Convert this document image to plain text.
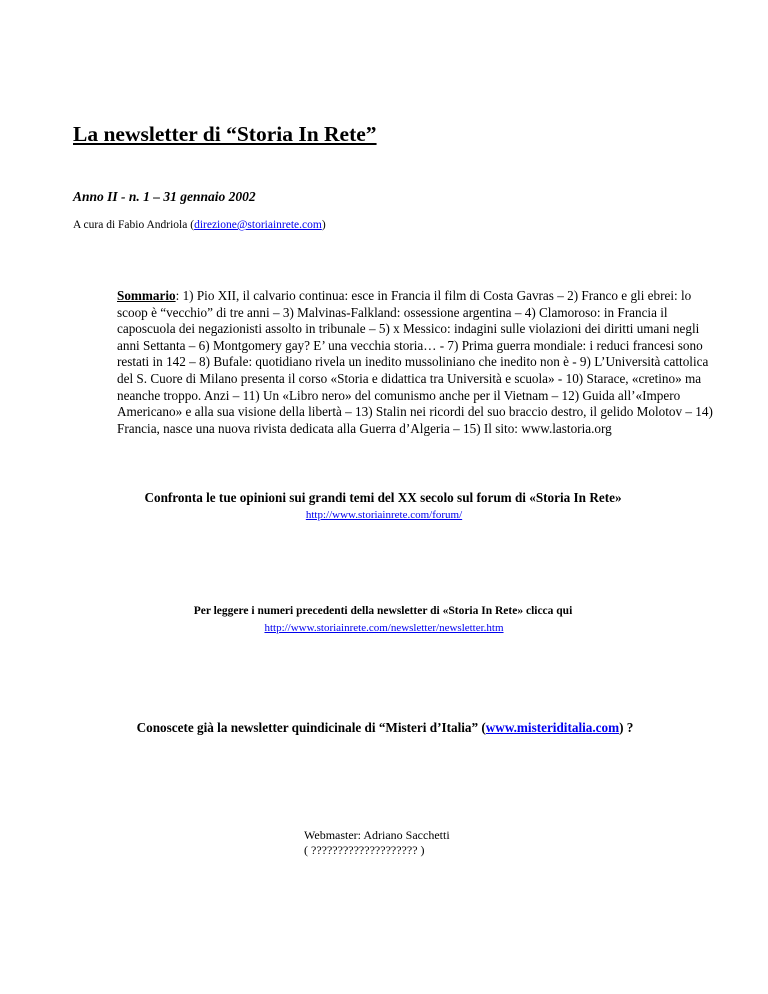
La newsletter di “Storia In Rete”
Anno II - n. 1 – 31 gennaio 2002
A cura di Fabio Andriola (direzione@storiainrete.com)
Sommario: 1) Pio XII, il calvario continua: esce in Francia il film di Costa Gavras – 2) Franco e gli ebrei: lo scoop è “vecchio” di tre anni – 3) Malvinas-Falkland: ossessione argentina – 4) Clamoroso: in Francia il caposcuola dei negazionisti assolto in tribunale – 5) x Messico: indagini sulle violazioni dei diritti umani negli anni Settanta – 6) Montgomery gay? E’ una vecchia storia… - 7) Prima guerra mondiale: i reduci francesi sono restati in 142 – 8) Bufale: quotidiano rivela un inedito mussoliniano che inedito non è - 9) L’Università cattolica del S. Cuore di Milano presenta il corso «Storia e didattica tra Università e scuola» - 10) Starace, «cretino» ma neanche troppo. Anzi – 11) Un «Libro nero» del comunismo anche per il Vietnam – 12) Guida all’«Impero Americano» e alla sua visione della libertà – 13) Stalin nei ricordi del suo braccio destro, il gelido Molotov – 14) Francia, nasce una nuova rivista dedicata alla Guerra d’Algeria – 15) Il sito: www.lastoria.org
Confronta le tue opinioni sui grandi temi del XX secolo sul forum di «Storia In Rete»
http://www.storiainrete.com/forum/
Per leggere i numeri precedenti della newsletter di «Storia In Rete» clicca qui
http://www.storiainrete.com/newsletter/newsletter.htm
Conoscete già la newsletter quindicinale di “Misteri d’Italia” (www.misteriditalia.com) ?
Webmaster: Adriano Sacchetti
( ???????????????????? )
